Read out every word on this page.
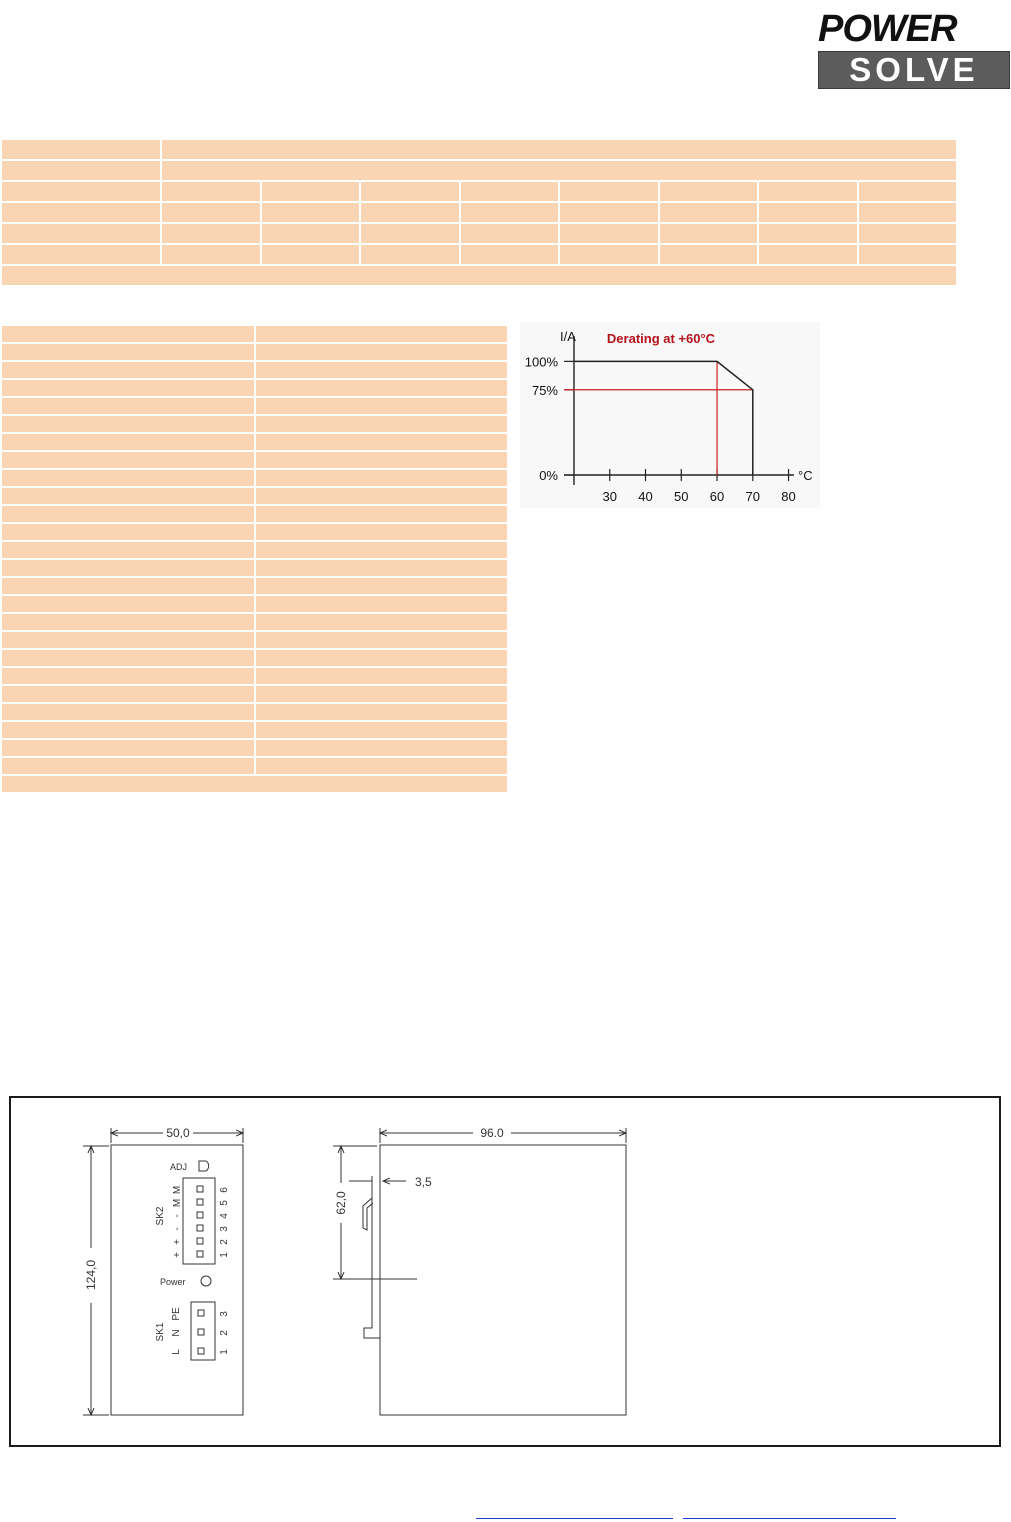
POWER
SOLVE

I/A
°C
30 40 50 60 70 80
100%
75%
0%
Derating at +60°C
50,0
124,0
96.0
62,0
3,5
ADJ
Power
SK2
SK1
+
+
-
-
M
M
1
2
3
4
5
6
L
N
PE
1
2
3
